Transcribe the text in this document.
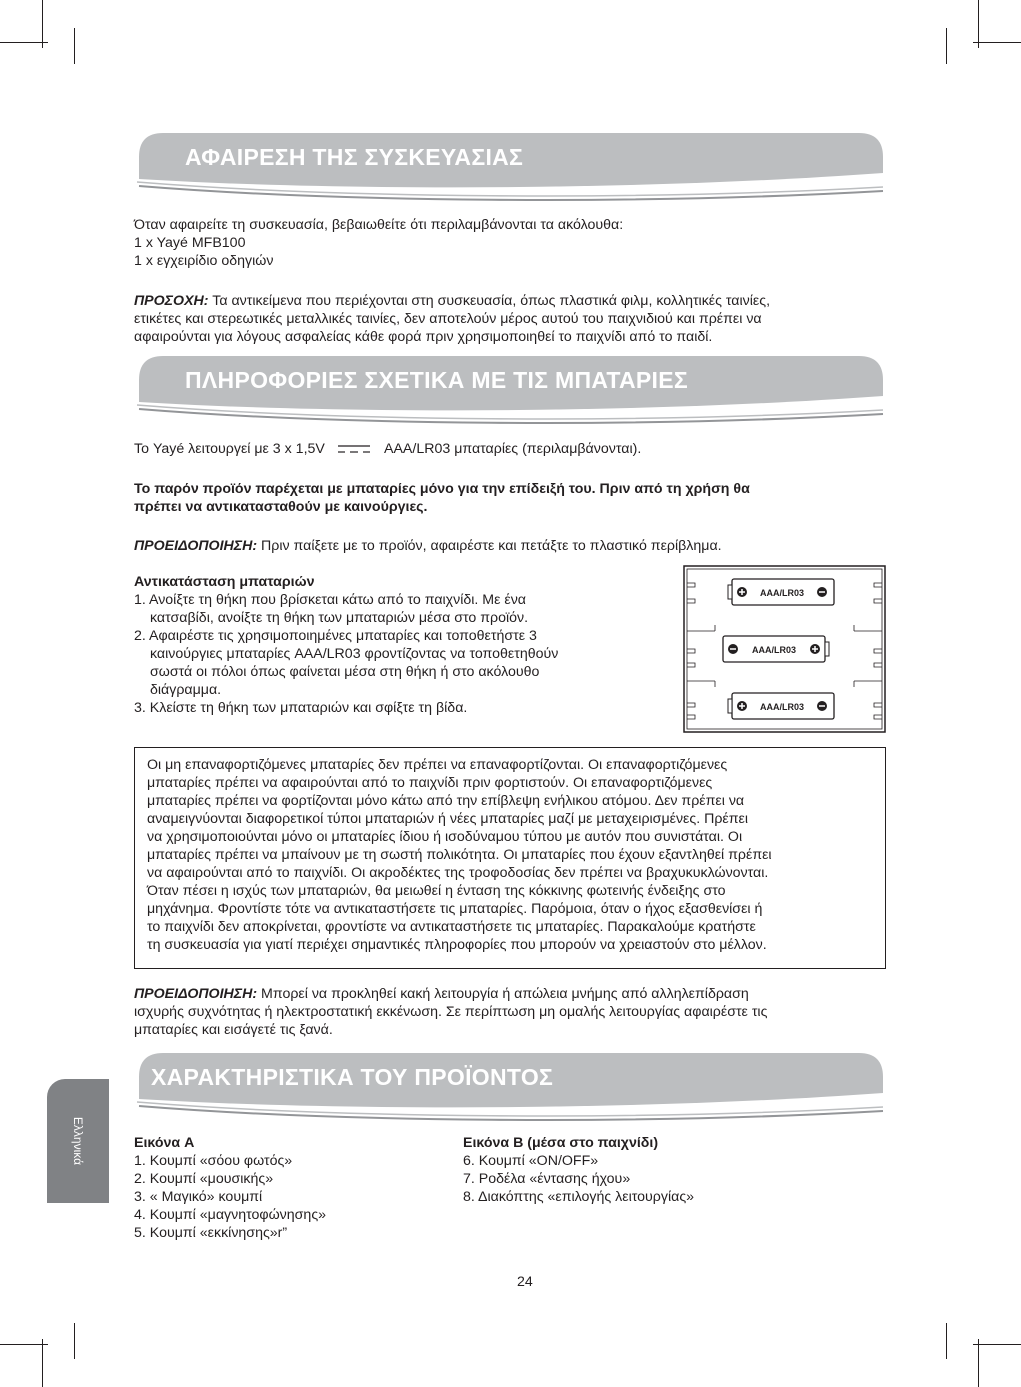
ΑΦΑΙΡΕΣΗ ΤΗΣ ΣΥΣΚΕΥΑΣΙΑΣ
Όταν αφαιρείτε τη συσκευασία, βεβαιωθείτε ότι περιλαμβάνονται τα ακόλουθα:
1 x Yayé MFB100
1 x εγχειρίδιο οδηγιών
ΠΡΟΣΟΧΗ: Τα αντικείμενα που περιέχονται στη συσκευασία, όπως πλαστικά φιλμ, κολλητικές ταινίες,
ετικέτες και στερεωτικές μεταλλικές ταινίες, δεν αποτελούν μέρος αυτού του παιχνιδιού και πρέπει να
αφαιρούνται για λόγους ασφαλείας κάθε φορά πριν χρησιμοποιηθεί το παιχνίδι από το παιδί.
ΠΛΗΡΟΦΟΡΙΕΣ ΣΧΕΤΙΚΑ ΜΕ ΤΙΣ ΜΠΑΤΑΡΙΕΣ
Το Yayé λειτουργεί με 3 x 1,5V	AAA/LR03 μπαταρίες (περιλαμβάνονται).
Το παρόν προϊόν παρέχεται με μπαταρίες μόνο για την επίδειξή του. Πριν από τη χρήση θα
πρέπει να αντικατασταθούν με καινούργιες.
ΠΡΟΕΙΔΟΠΟΙΗΣΗ: Πριν παίξετε με το προϊόν, αφαιρέστε και πετάξτε το πλαστικό περίβλημα.
Αντικατάσταση μπαταριών
1. Ανοίξτε τη θήκη που βρίσκεται κάτω από το παιχνίδι. Με ένα
κατσαβίδι, ανοίξτε τη θήκη των μπαταριών μέσα στο προϊόν.
2. Αφαιρέστε τις χρησιμοποιημένες μπαταρίες και τοποθετήστε 3
καινούργιες μπαταρίες AAA/LR03 φροντίζοντας να τοποθετηθούν
σωστά οι πόλοι όπως φαίνεται μέσα στη θήκη ή στο ακόλουθο
διάγραμμα.
3. Κλείστε τη θήκη των μπαταριών και σφίξτε τη βίδα.
AAA/LR03
AAA/LR03
AAA/LR03
Οι μη επαναφορτιζόμενες μπαταρίες δεν πρέπει να επαναφορτίζονται. Οι επαναφορτιζόμενες
μπαταρίες πρέπει να αφαιρούνται από το παιχνίδι πριν φορτιστούν. Οι επαναφορτιζόμενες
μπαταρίες πρέπει να φορτίζονται μόνο κάτω από την επίβλεψη ενήλικου ατόμου. Δεν πρέπει να
αναμειγνύονται διαφορετικοί τύποι μπαταριών ή νέες μπαταρίες μαζί με μεταχειρισμένες. Πρέπει
να χρησιμοποιούνται μόνο οι μπαταρίες ίδιου ή ισοδύναμου τύπου με αυτόν που συνιστάται. Οι
μπαταρίες πρέπει να μπαίνουν με τη σωστή πολικότητα. Οι μπαταρίες που έχουν εξαντληθεί πρέπει
να αφαιρούνται από το παιχνίδι. Οι ακροδέκτες της τροφοδοσίας δεν πρέπει να βραχυκυκλώνονται.
Όταν πέσει η ισχύς των μπαταριών, θα μειωθεί η ένταση της κόκκινης φωτεινής ένδειξης στο
μηχάνημα. Φροντίστε τότε να αντικαταστήσετε τις μπαταρίες. Παρόμοια, όταν ο ήχος εξασθενίσει ή
το παιχνίδι δεν αποκρίνεται, φροντίστε να αντικαταστήσετε τις μπαταρίες. Παρακαλούμε κρατήστε
τη συσκευασία για γιατί περιέχει σημαντικές πληροφορίες που μπορούν να χρειαστούν στο μέλλον.
ΠΡΟΕΙΔΟΠΟΙΗΣΗ: Μπορεί να προκληθεί κακή λειτουργία ή απώλεια μνήμης από αλληλεπίδραση
ισχυρής συχνότητας ή ηλεκτροστατική εκκένωση. Σε περίπτωση μη ομαλής λειτουργίας αφαιρέστε τις
μπαταρίες και εισάγετέ τις ξανά.
ΧΑΡΑΚΤΗΡΙΣΤΙΚΑ ΤΟΥ ΠΡΟΪΟΝΤΟΣ
Εικόνα A
1. Κουμπί «σόου φωτός»
2. Κουμπί «μουσικής»
3. « Μαγικό» κουμπί
4. Κουμπί «μαγνητοφώνησης»
5. Κουμπί «εκκίνησης»r”
Εικόνα B (μέσα στο παιχνίδι)
6. Κουμπί «ON/OFF»
7. Ροδέλα «έντασης ήχου»
8. Διακόπτης «επιλογής λειτουργίας»
Ελληνικά
24
